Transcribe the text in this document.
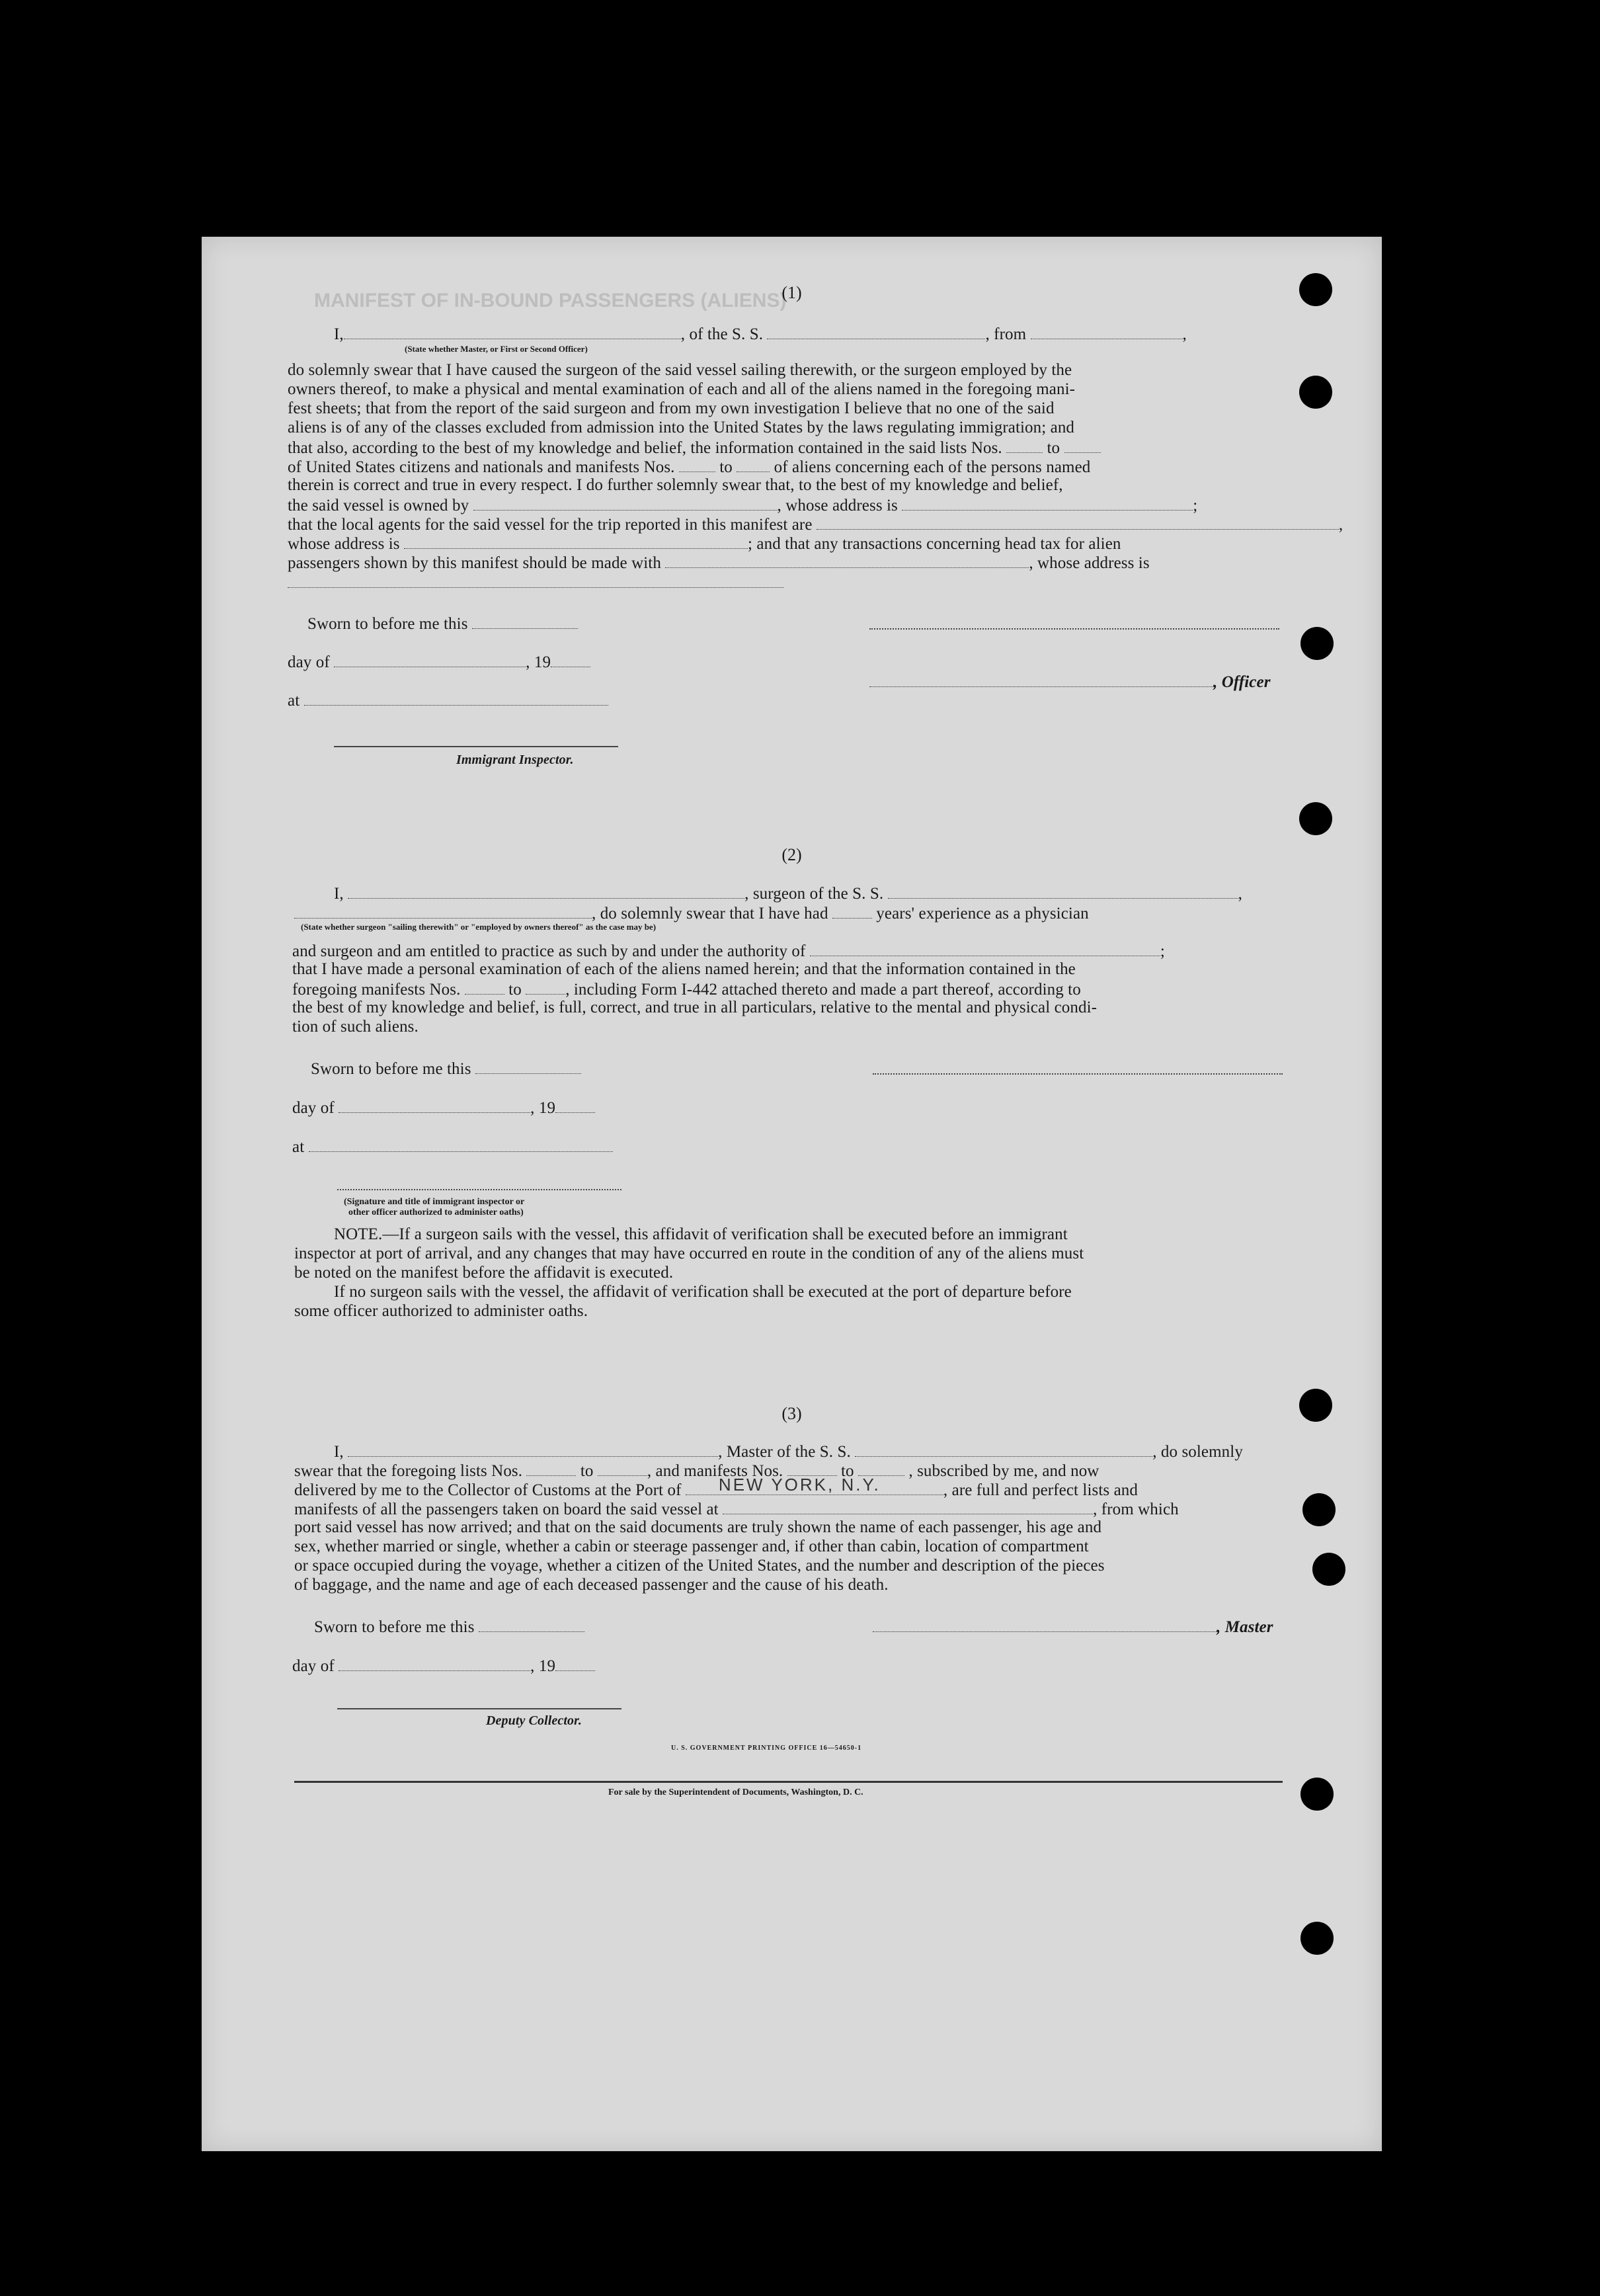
MANIFEST OF IN-BOUND PASSENGERS (ALIENS)
(1)
I,	, of the S. S.	, from	,
(State whether Master, or First or Second Officer)
do solemnly swear that I have caused the surgeon of the said vessel sailing therewith, or the surgeon employed by the
owners thereof, to make a physical and mental examination of each and all of the aliens named in the foregoing mani-
fest sheets; that from the report of the said surgeon and from my own investigation I believe that no one of the said
aliens is of any of the classes excluded from admission into the United States by the laws regulating immigration; and
that also, according to the best of my knowledge and belief, the information contained in the said lists Nos.	to
of United States citizens and nationals and manifests Nos.	to	of aliens concerning each of the persons named
therein is correct and true in every respect. I do further solemnly swear that, to the best of my knowledge and belief,
the said vessel is owned by	, whose address is	;
that the local agents for the said vessel for the trip reported in this manifest are	,
whose address is	; and that any transactions concerning head tax for alien
passengers shown by this manifest should be made with	, whose address is
Sworn to before me this
day of	, 19
, Officer
at
Immigrant Inspector.
(2)
I,	, surgeon of the S. S.	,
, do solemnly swear that I have had	years' experience as a physician
(State whether surgeon "sailing therewith" or "employed by owners thereof" as the case may be)
and surgeon and am entitled to practice as such by and under the authority of	;
that I have made a personal examination of each of the aliens named herein; and that the information contained in the
foregoing manifests Nos.	to	, including Form I-442 attached thereto and made a part thereof, according to
the best of my knowledge and belief, is full, correct, and true in all particulars, relative to the mental and physical condi-
tion of such aliens.
Sworn to before me this
day of	, 19
at
(Signature and title of immigrant inspector or
other officer authorized to administer oaths)
NOTE.—If a surgeon sails with the vessel, this affidavit of verification shall be executed before an immigrant
inspector at port of arrival, and any changes that may have occurred en route in the condition of any of the aliens must
be noted on the manifest before the affidavit is executed.
If no surgeon sails with the vessel, the affidavit of verification shall be executed at the port of departure before
some officer authorized to administer oaths.
(3)
I,	, Master of the S. S.	, do solemnly
swear that the foregoing lists Nos.	to	, and manifests Nos.	to	, subscribed by me, and now
delivered by me to the Collector of Customs at the Port of NEW YORK, N.Y.	, are full and perfect lists and
manifests of all the passengers taken on board the said vessel at	, from which
port said vessel has now arrived; and that on the said documents are truly shown the name of each passenger, his age and
sex, whether married or single, whether a cabin or steerage passenger and, if other than cabin, location of compartment
or space occupied during the voyage, whether a citizen of the United States, and the number and description of the pieces
of baggage, and the name and age of each deceased passenger and the cause of his death.
Sworn to before me this	, Master
day of	, 19
Deputy Collector.
U. S. GOVERNMENT PRINTING OFFICE 16—54650-1
For sale by the Superintendent of Documents, Washington, D. C.
